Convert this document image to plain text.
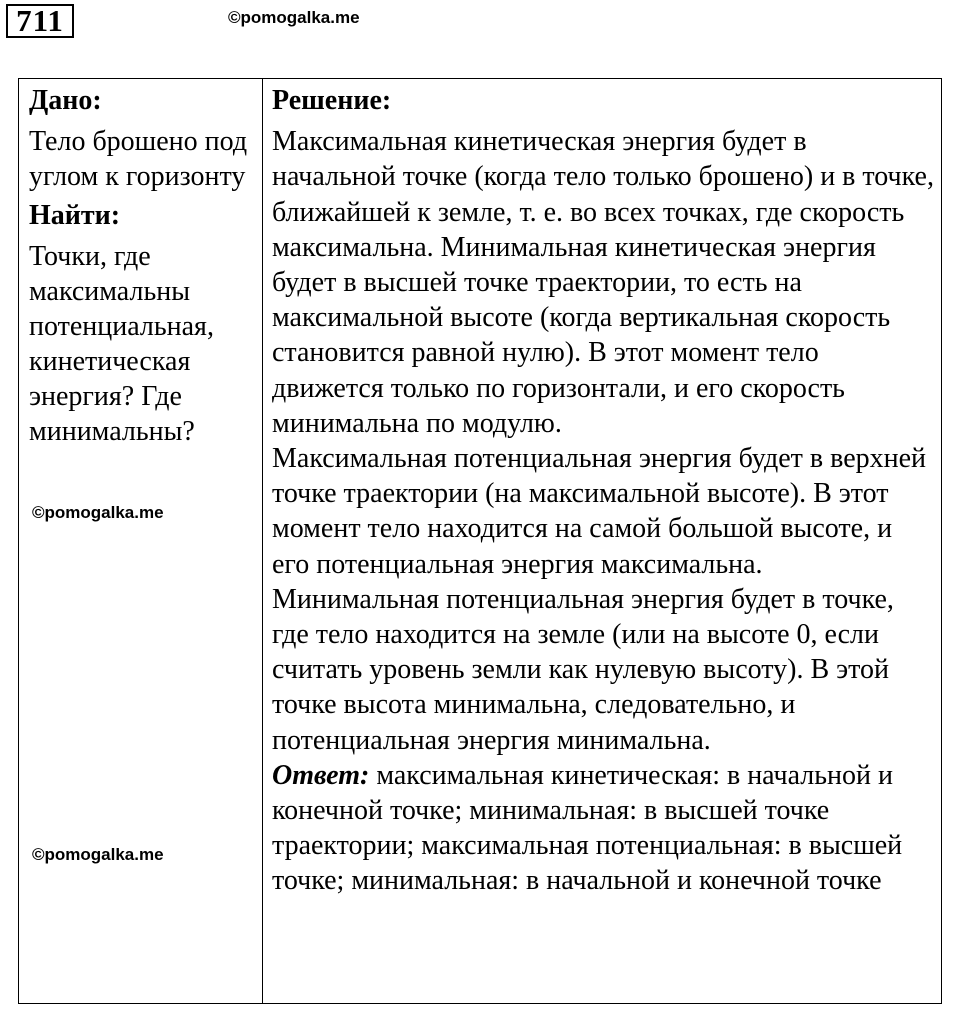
711	©pomogalka.me
Дано:
Тело брошено под углом к горизонту
Найти:
Точки, где максимальны потенциальная, кинетическая энергия? Где минимальны?
Решение:

Максимальная кинетическая энергия будет в начальной точке (когда тело только брошено) и в точке, ближайшей к земле, т. е. во всех точках, где скорость максимальна. Минимальная кинетическая энергия будет в высшей точке траектории, то есть на максимальной высоте (когда вертикальная скорость становится равной нулю). В этот момент тело движется только по горизонтали, и его скорость минимальна по модулю.

Максимальная потенциальная энергия будет в верхней точке траектории (на максимальной высоте). В этот момент тело находится на самой большой высоте, и его потенциальная энергия максимальна. Минимальная потенциальная энергия будет в точке, где тело находится на земле (или на высоте 0, если считать уровень земли как нулевую высоту). В этой точке высота минимальна, следовательно, и потенциальная энергия минимальна.

Ответ: максимальная кинетическая: в начальной и конечной точке; минимальная: в высшей точке траектории; максимальная потенциальная: в высшей точке; минимальная: в начальной и конечной точке

©pomogalka.me
©pomogalka.me
